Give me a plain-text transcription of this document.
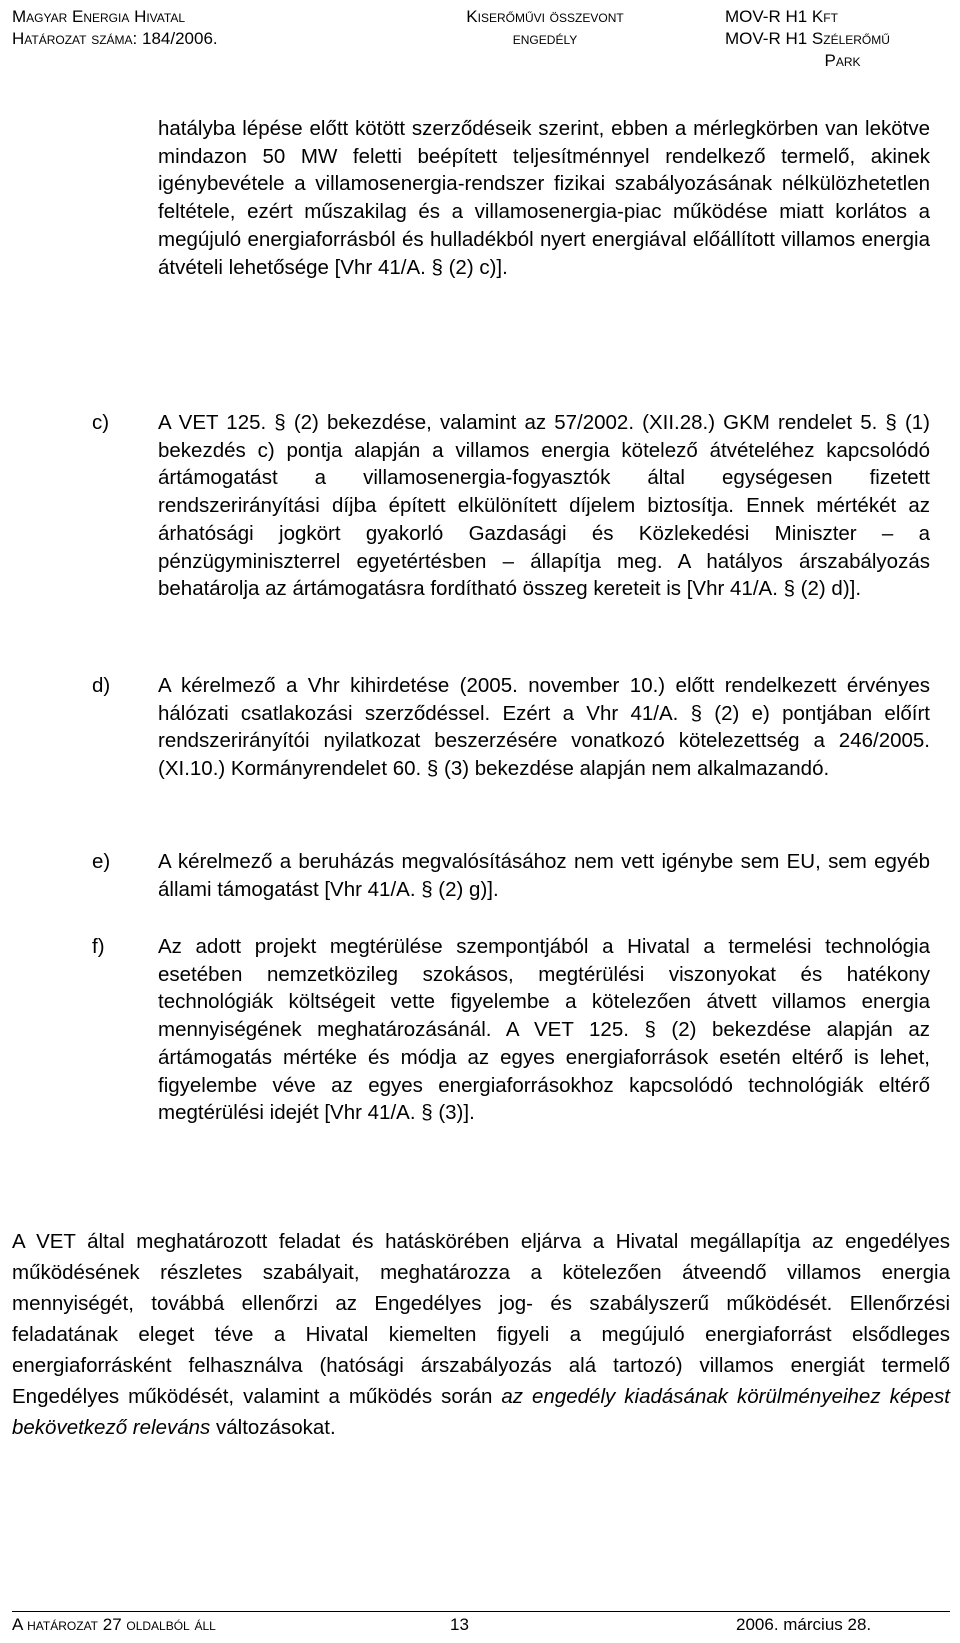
Magyar Energia Hivatal
Határozat száma: 184/2006.
Kiserőművi összevont
engedély
MOV-R H1 Kft
MOV-R H1 Szélerőmű
Park
hatályba lépése előtt kötött szerződéseik szerint, ebben a mérlegkörben van lekötve mindazon 50 MW feletti beépített teljesítménnyel rendelkező termelő, akinek igénybevétele a villamosenergia-rendszer fizikai szabályozásának nélkülözhetetlen feltétele, ezért műszakilag és a villamosenergia-piac működése miatt korlátos a megújuló energiaforrásból és hulladékból nyert energiával előállított villamos energia átvételi lehetősége [Vhr 41/A. § (2) c)].
c) A VET 125. § (2) bekezdése, valamint az 57/2002. (XII.28.) GKM rendelet 5. § (1) bekezdés c) pontja alapján a villamos energia kötelező átvételéhez kapcsolódó ártámogatást a villamosenergia-fogyasztók által egységesen fizetett rendszerirányítási díjba épített elkülönített díjelem biztosítja. Ennek mértékét az árhatósági jogkört gyakorló Gazdasági és Közlekedési Miniszter – a pénzügyminiszterrel egyetértésben – állapítja meg. A hatályos árszabályozás behatárolja az ártámogatásra fordítható összeg kereteit is [Vhr 41/A. § (2) d)].
d) A kérelmező a Vhr kihirdetése (2005. november 10.) előtt rendelkezett érvényes hálózati csatlakozási szerződéssel. Ezért a Vhr 41/A. § (2) e) pontjában előírt rendszerirányítói nyilatkozat beszerzésére vonatkozó kötelezettség a 246/2005. (XI.10.) Kormányrendelet 60. § (3) bekezdése alapján nem alkalmazandó.
e) A kérelmező a beruházás megvalósításához nem vett igénybe sem EU, sem egyéb állami támogatást [Vhr 41/A. § (2) g)].
f)	Az adott projekt megtérülése szempontjából a Hivatal a termelési technológia esetében nemzetközileg szokásos, megtérülési viszonyokat és hatékony technológiák költségeit vette figyelembe a kötelezően átvett villamos energia mennyiségének meghatározásánál. A VET 125. § (2) bekezdése alapján az ártámogatás mértéke és módja az egyes energiaforrások esetén eltérő is lehet, figyelembe véve az egyes energiaforrásokhoz kapcsolódó technológiák eltérő megtérülési idejét [Vhr 41/A. § (3)].
A VET által meghatározott feladat és hatáskörében eljárva a Hivatal megállapítja az engedélyes működésének részletes szabályait, meghatározza a kötelezően átveendő villamos energia mennyiségét, továbbá ellenőrzi az Engedélyes jog- és szabályszerű működését. Ellenőrzési feladatának eleget téve a Hivatal kiemelten figyeli a megújuló energiaforrást elsődleges energiaforrásként felhasználva (hatósági árszabályozás alá tartozó) villamos energiát termelő Engedélyes működését, valamint a működés során az engedély kiadásának körülményeihez képest bekövetkező releváns változásokat.
A határozat 27 oldalból áll	13	2006. március 28.
